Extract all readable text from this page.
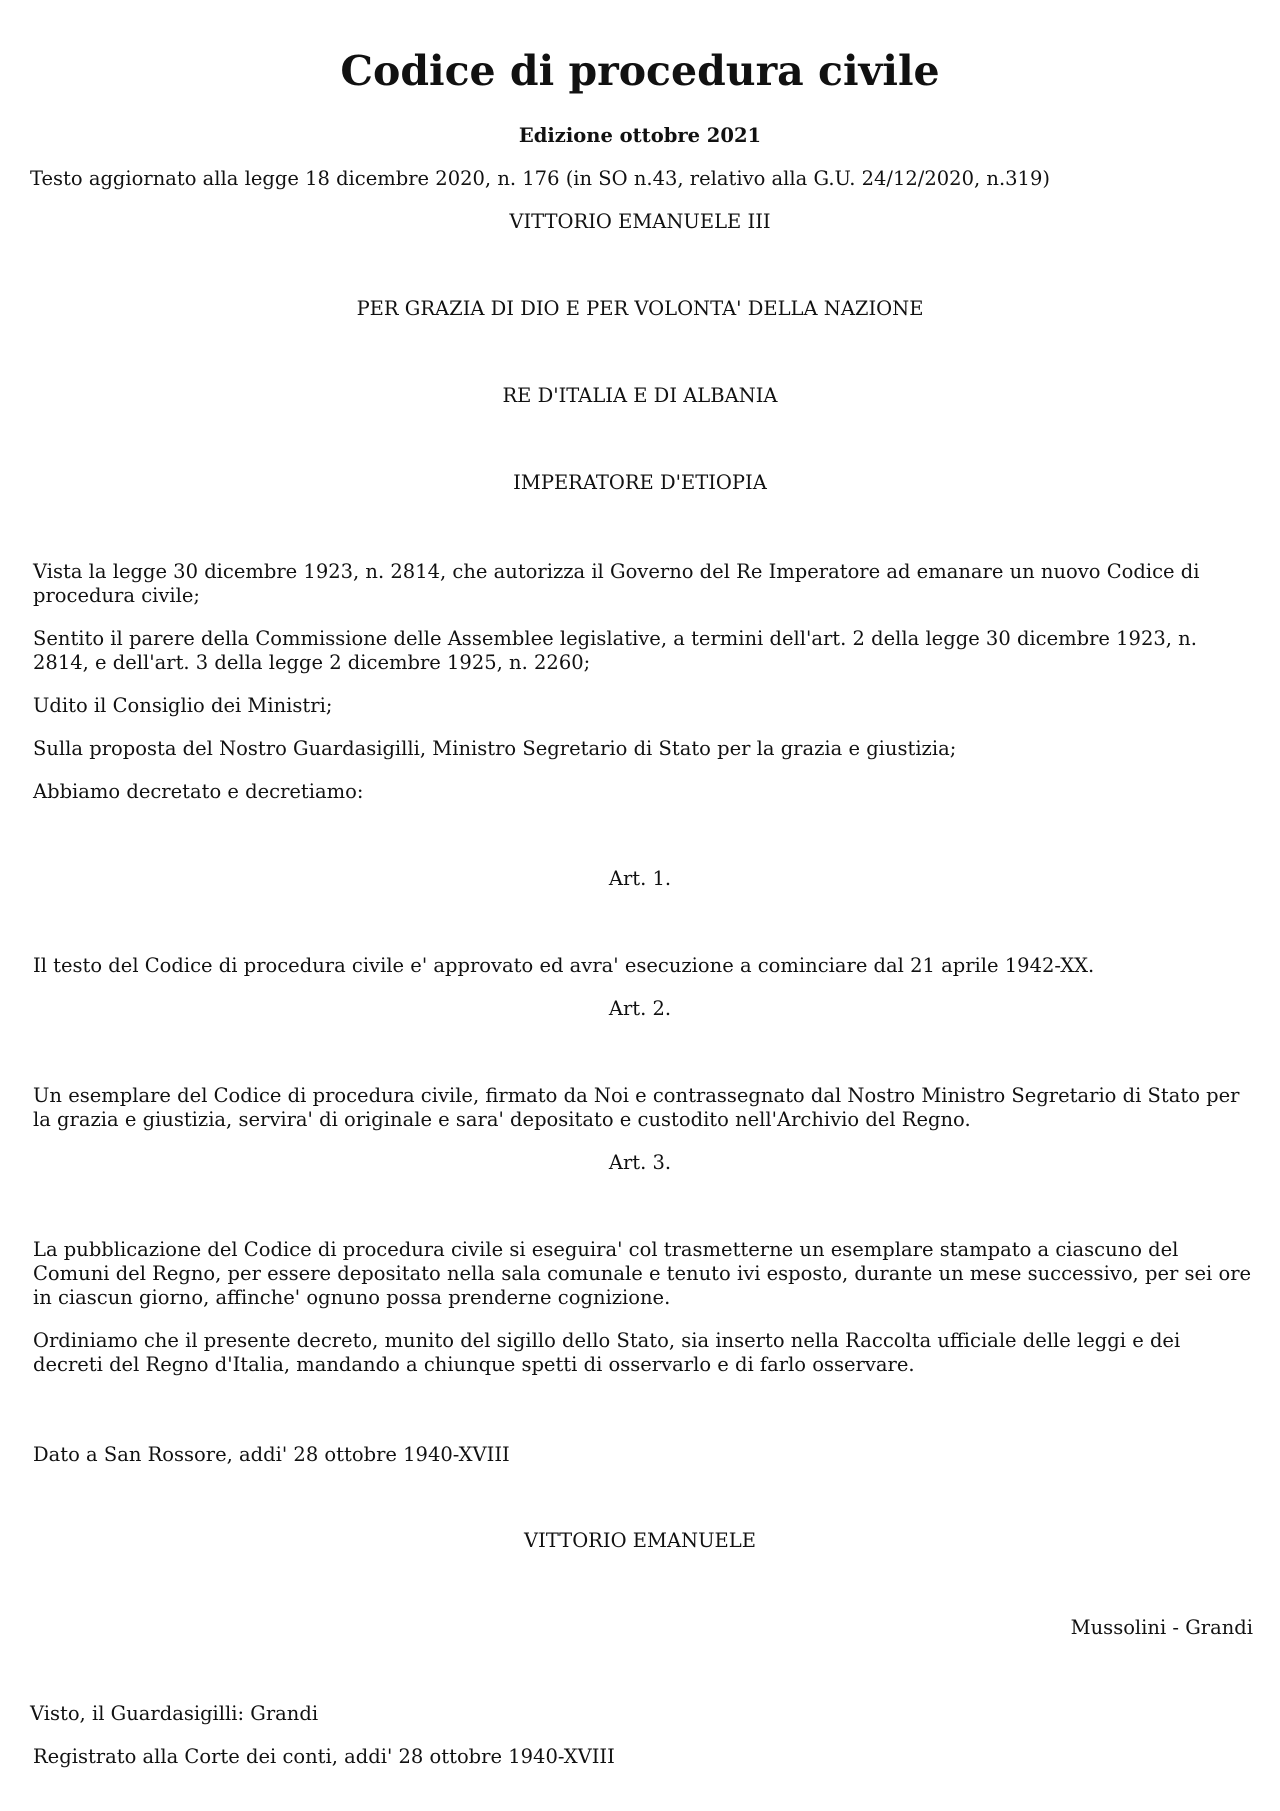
Codice di procedura civile
Edizione ottobre 2021
Testo aggiornato alla legge 18 dicembre 2020, n. 176 (in SO n.43, relativo alla G.U. 24/12/2020, n.319)
VITTORIO EMANUELE III
PER GRAZIA DI DIO E PER VOLONTA' DELLA NAZIONE
RE D'ITALIA E DI ALBANIA
IMPERATORE D'ETIOPIA

Vista la legge 30 dicembre 1923, n. 2814, che autorizza il Governo del Re Imperatore ad emanare un nuovo Codice di procedura civile;

Sentito il parere della Commissione delle Assemblee legislative, a termini dell'art. 2 della legge 30 dicembre 1923, n. 2814, e dell'art. 3 della legge 2 dicembre 1925, n. 2260;

Udito il Consiglio dei Ministri;

Sulla proposta del Nostro Guardasigilli, Ministro Segretario di Stato per la grazia e giustizia;

Abbiamo decretato e decretiamo:

Art. 1.

Il testo del Codice di procedura civile e' approvato ed avra' esecuzione a cominciare dal 21 aprile 1942-XX.

Art. 2.

Un esemplare del Codice di procedura civile, firmato da Noi e contrassegnato dal Nostro Ministro Segretario di Stato per la grazia e giustizia, servira' di originale e sara' depositato e custodito nell'Archivio del Regno.

Art. 3.

La pubblicazione del Codice di procedura civile si eseguira' col trasmetterne un esemplare stampato a ciascuno del Comuni del Regno, per essere depositato nella sala comunale e tenuto ivi esposto, durante un mese successivo, per sei ore in ciascun giorno, affinche' ognuno possa prenderne cognizione.

Ordiniamo che il presente decreto, munito del sigillo dello Stato, sia inserto nella Raccolta ufficiale delle leggi e dei decreti del Regno d'Italia, mandando a chiunque spetti di osservarlo e di farlo osservare.

Dato a San Rossore, addi' 28 ottobre 1940-XVIII
VITTORIO EMANUELE
Mussolini - Grandi
Visto, il Guardasigilli: Grandi
Registrato alla Corte dei conti, addi' 28 ottobre 1940-XVIII
